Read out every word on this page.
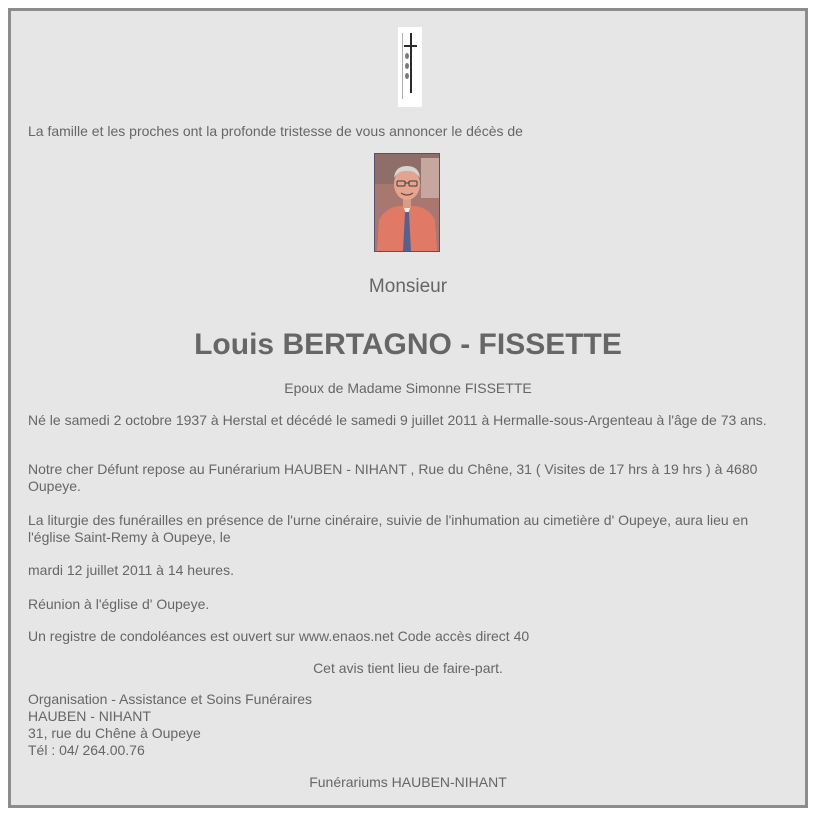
La famille et les proches ont la profonde tristesse de vous annoncer le décès de

Monsieur

Louis BERTAGNO - FISSETTE

Epoux de Madame Simonne FISSETTE

Né le samedi 2 octobre 1937 à Herstal et décédé le samedi 9 juillet 2011 à Hermalle-sous-Argenteau à l'âge de 73 ans.

Notre cher Défunt repose au Funérarium HAUBEN - NIHANT , Rue du Chêne, 31 ( Visites de 17 hrs à 19 hrs ) à 4680 Oupeye.

La liturgie des funérailles en présence de l'urne cinéraire, suivie de l'inhumation au cimetière d' Oupeye, aura lieu en l'église Saint-Remy à Oupeye, le

mardi 12 juillet 2011 à 14 heures.

Réunion à l'église d' Oupeye.

Un registre de condoléances est ouvert sur www.enaos.net Code accès direct 40

Cet avis tient lieu de faire-part.

Organisation - Assistance et Soins Funéraires
HAUBEN - NIHANT
31, rue du Chêne à Oupeye
Tél : 04/ 264.00.76

Funérariums HAUBEN-NIHANT
